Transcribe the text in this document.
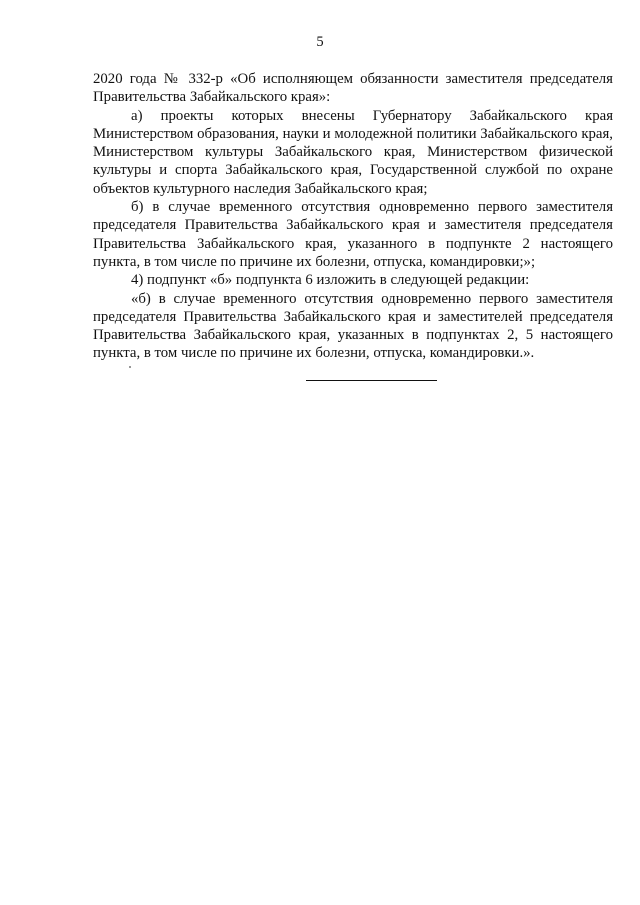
5

2020 года № 332-р «Об исполняющем обязанности заместителя председателя Правительства Забайкальского края»:

а) проекты которых внесены Губернатору Забайкальского края Министерством образования, науки и молодежной политики Забайкальского края, Министерством культуры Забайкальского края, Министерством физической культуры и спорта Забайкальского края, Государственной службой по охране объектов культурного наследия Забайкальского края;

б) в случае временного отсутствия одновременно первого заместителя председателя Правительства Забайкальского края и заместителя председателя Правительства Забайкальского края, указанного в подпункте 2 настоящего пункта, в том числе по причине их болезни, отпуска, командировки;»;

4) подпункт «б» подпункта 6 изложить в следующей редакции:

«б) в случае временного отсутствия одновременно первого заместителя председателя Правительства Забайкальского края и заместителей председателя Правительства Забайкальского края, указанных в подпунктах 2, 5 настоящего пункта, в том числе по причине их болезни, отпуска, командировки.».
